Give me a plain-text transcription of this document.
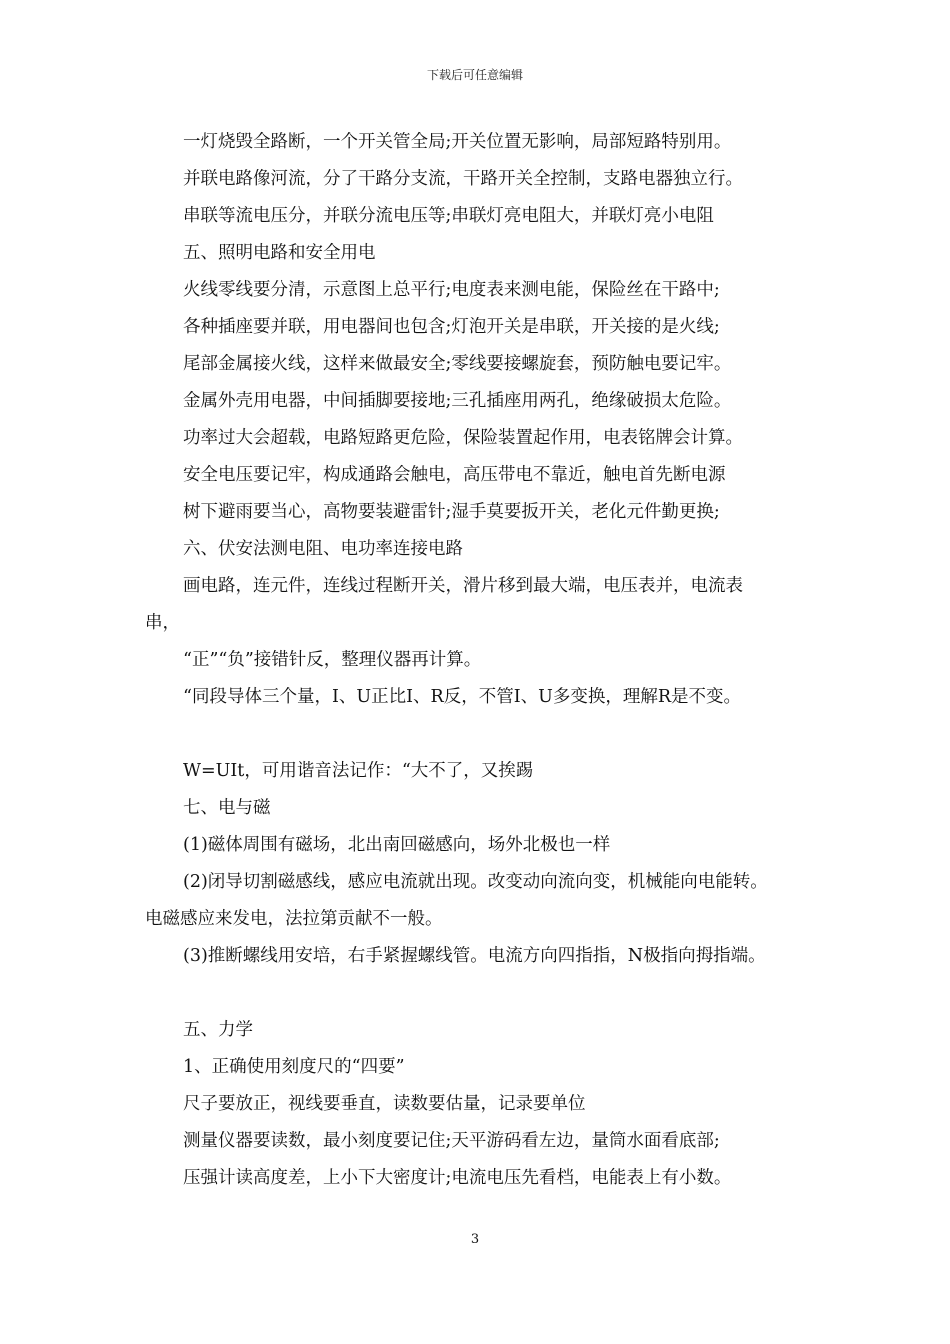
下载后可任意编辑
一灯烧毁全路断，一个开关管全局;开关位置无影响，局部短路特别用。
并联电路像河流，分了干路分支流，干路开关全控制，支路电器独立行。
串联等流电压分，并联分流电压等;串联灯亮电阻大，并联灯亮小电阻
五、照明电路和安全用电
火线零线要分清，示意图上总平行;电度表来测电能，保险丝在干路中;
各种插座要并联，用电器间也包含;灯泡开关是串联，开关接的是火线;
尾部金属接火线，这样来做最安全;零线要接螺旋套，预防触电要记牢。
金属外壳用电器，中间插脚要接地;三孔插座用两孔，绝缘破损太危险。
功率过大会超载，电路短路更危险，保险装置起作用，电表铭牌会计算。
安全电压要记牢，构成通路会触电，高压带电不靠近，触电首先断电源
树下避雨要当心，高物要装避雷针;湿手莫要扳开关，老化元件勤更换;
六、伏安法测电阻、电功率连接电路
画电路，连元件，连线过程断开关，滑片移到最大端，电压表并，电流表
串，
“正”“负”接错针反，整理仪器再计算。
“同段导体三个量，I、U正比I、R反，不管I、U多变换，理解R是不变。
W=UIt，可用谐音法记作：“大不了，又挨踢
七、电与磁
(1)磁体周围有磁场，北出南回磁感向，场外北极也一样
(2)闭导切割磁感线，感应电流就出现。改变动向流向变，机械能向电能转。
电磁感应来发电，法拉第贡献不一般。
(3)推断螺线用安培，右手紧握螺线管。电流方向四指指，N极指向拇指端。
五、力学
1、正确使用刻度尺的“四要”
尺子要放正，视线要垂直，读数要估量，记录要单位
测量仪器要读数，最小刻度要记住;天平游码看左边，量筒水面看底部;
压强计读高度差，上小下大密度计;电流电压先看档，电能表上有小数。
3
